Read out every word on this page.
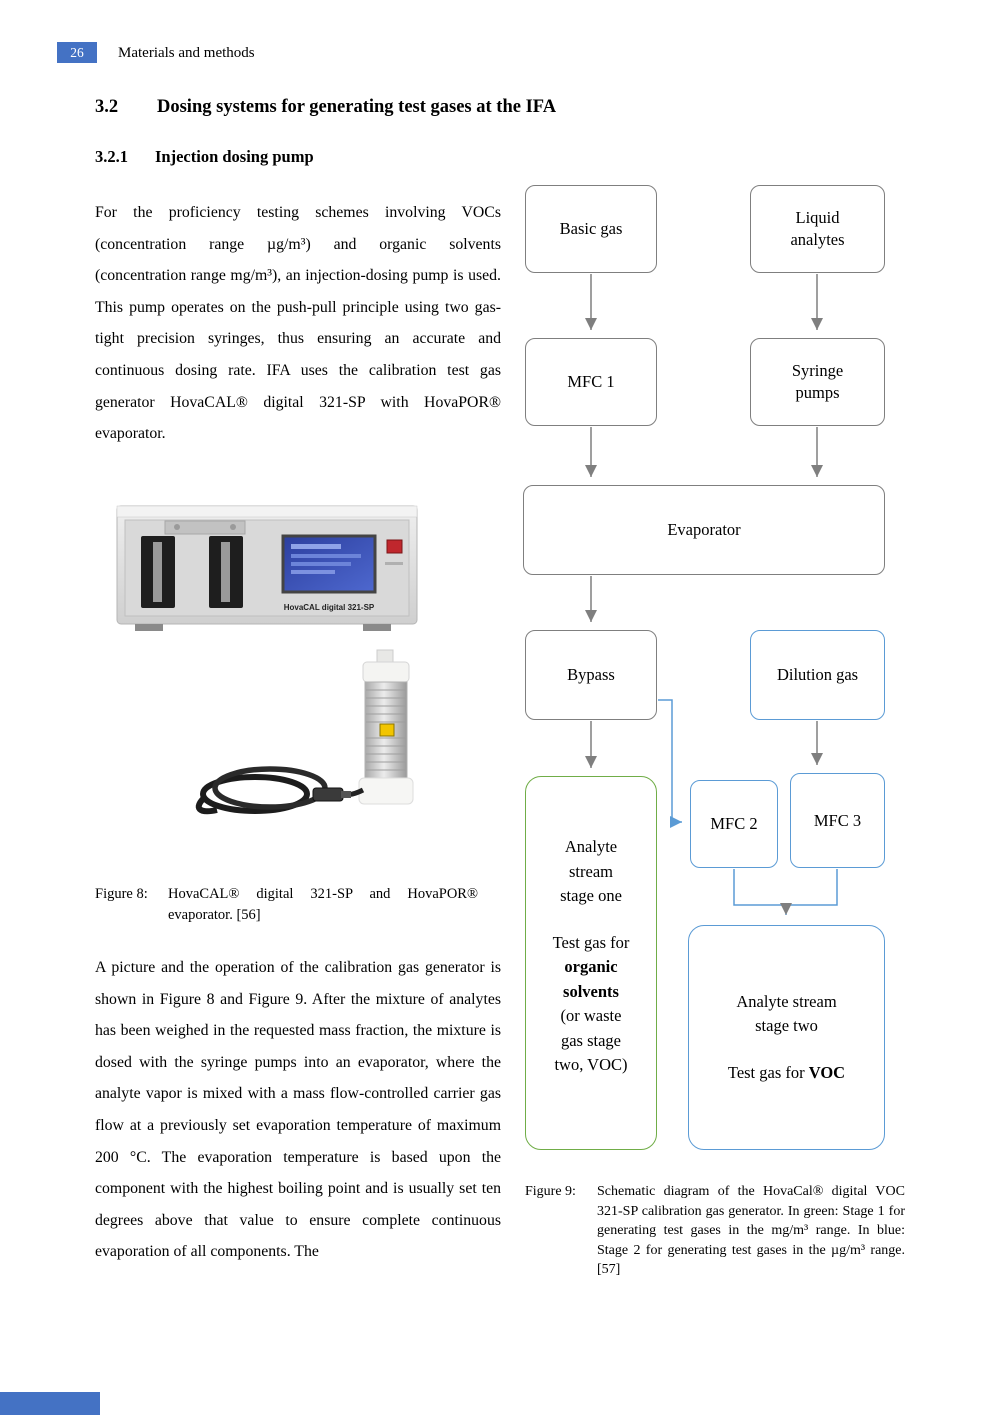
26 Materials and methods
3.2 Dosing systems for generating test gases at the IFA
3.2.1 Injection dosing pump
For the proficiency testing schemes involving VOCs (concentration range µg/m³) and organic solvents (concentration range mg/m³), an injection-dosing pump is used. This pump operates on the push-pull principle using two gas-tight precision syringes, thus ensuring an accurate and continuous dosing rate. IFA uses the calibration test gas generator HovaCAL® digital 321-SP with HovaPOR® evaporator.
A picture and the operation of the calibration gas generator is shown in Figure 8 and Figure 9. After the mixture of analytes has been weighed in the requested mass fraction, the mixture is dosed with the syringe pumps into an evaporator, where the analyte vapor is mixed with a mass flow-controlled carrier gas flow at a previously set evaporation temperature of maximum 200 °C. The evaporation temperature is based upon the component with the highest boiling point and is usually set ten degrees above that value to ensure complete continuous evaporation of all components. The
HovaCAL digital 321-SP
Figure 8:	HovaCAL® digital 321-SP and HovaPOR® evaporator. [56]
Basic gas
Liquid analytes
MFC 1
Syringe pumps
Evaporator
Bypass	Dilution gas
MFC 2	MFC 3
Analyte
stream
stage one
Test gas for
organic
solvents
(or waste
gas stage
two, VOC)
Analyte stream
stage two
Test gas for VOC
Figure 9:	Schematic diagram of the HovaCal® digital VOC 321-SP calibration gas generator. In green: Stage 1 for generating test gases in the mg/m³ range. In blue: Stage 2 for generating test gases in the µg/m³ range. [57]
